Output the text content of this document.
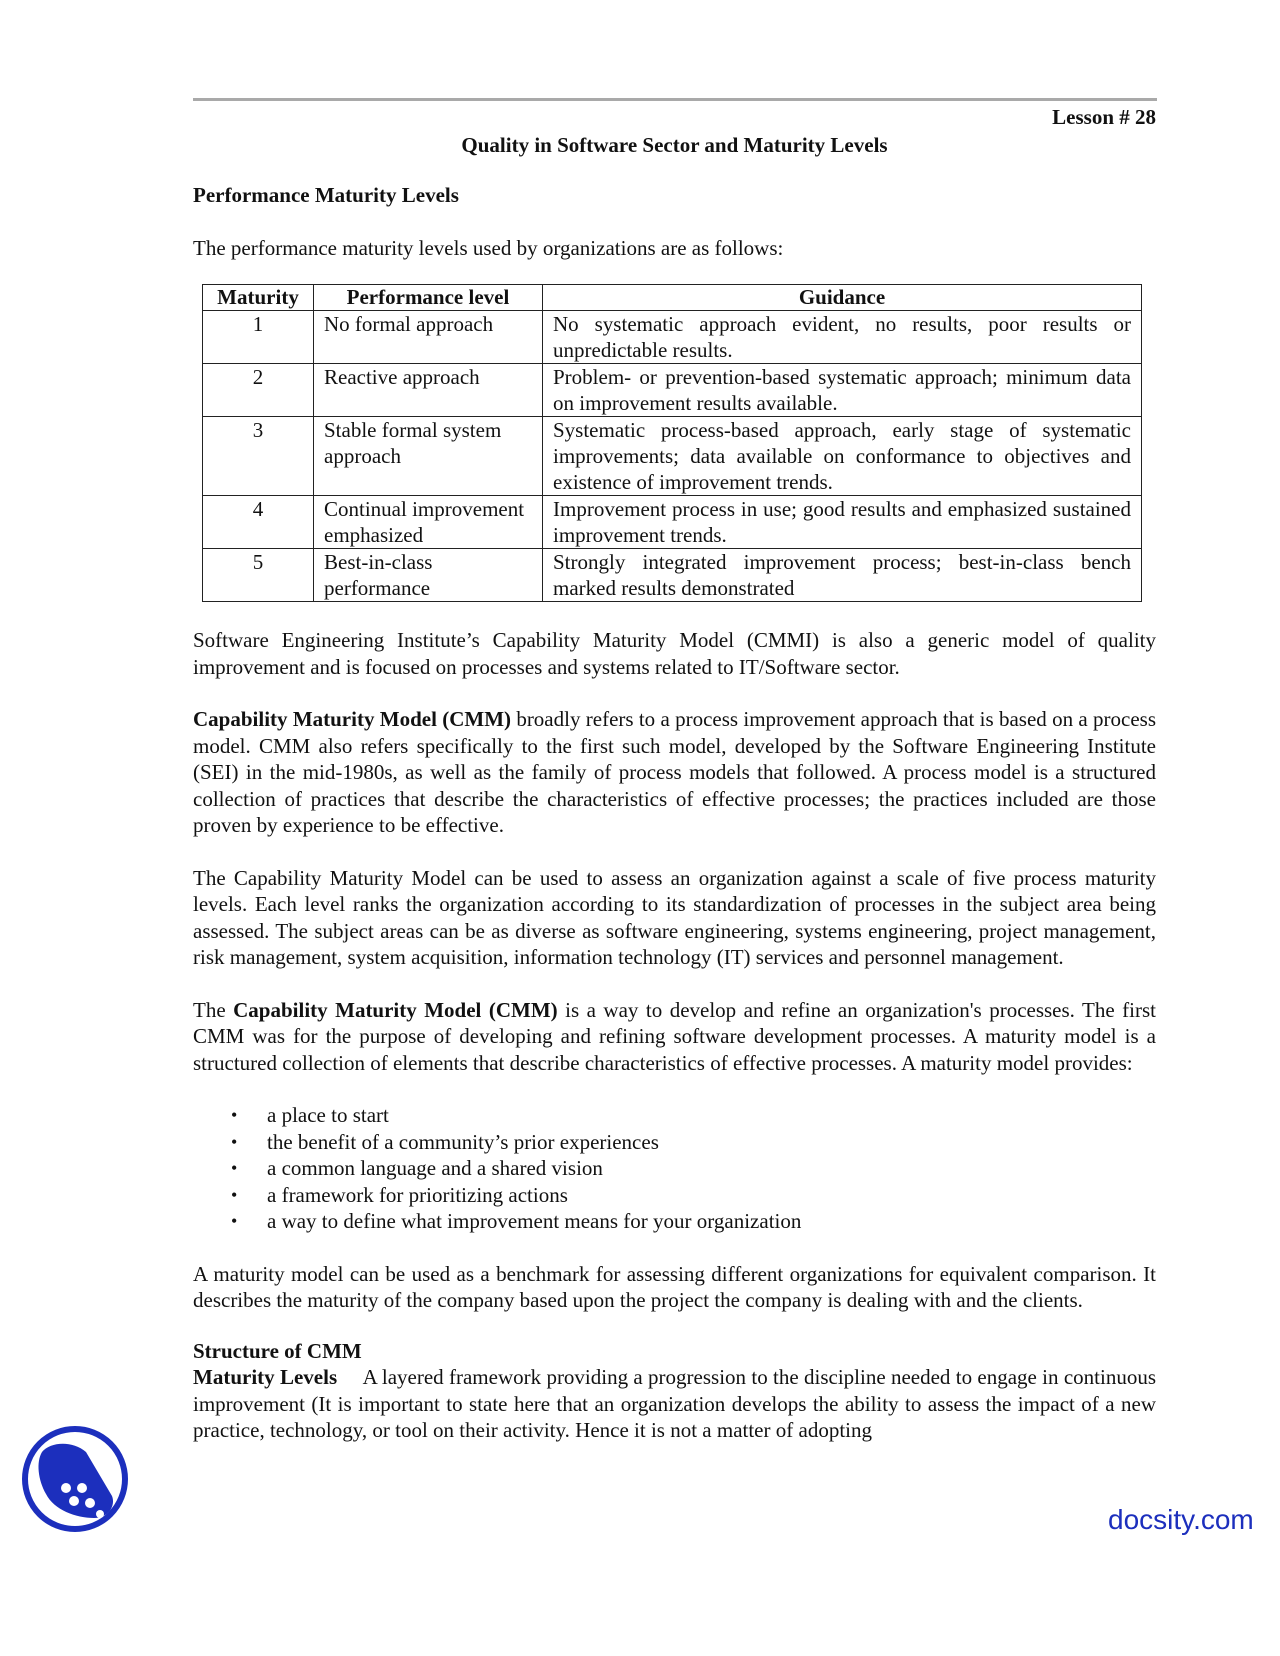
Lesson # 28
Quality in Software Sector and Maturity Levels
Performance Maturity Levels

The performance maturity levels used by organizations are as follows:

Maturity	Performance level	Guidance
1	No formal approach	No systematic approach evident, no results, poor results or unpredictable results.
2	Reactive approach	Problem- or prevention-based systematic approach; minimum data on improvement results available.
3	Stable formal system approach	Systematic process-based approach, early stage of systematic improvements; data available on conformance to objectives and existence of improvement trends.
4	Continual improvement emphasized	Improvement process in use; good results and emphasized sustained improvement trends.
5	Best-in-class performance	Strongly integrated improvement process; best-in-class bench marked results demonstrated

Software Engineering Institute’s Capability Maturity Model (CMMI) is also a generic model of quality improvement and is focused on processes and systems related to IT/Software sector.

Capability Maturity Model (CMM) broadly refers to a process improvement approach that is based on a process model. CMM also refers specifically to the first such model, developed by the Software Engineering Institute (SEI) in the mid-1980s, as well as the family of process models that followed. A process model is a structured collection of practices that describe the characteristics of effective processes; the practices included are those proven by experience to be effective.

The Capability Maturity Model can be used to assess an organization against a scale of five process maturity levels. Each level ranks the organization according to its standardization of processes in the subject area being assessed. The subject areas can be as diverse as software engineering, systems engineering, project management, risk management, system acquisition, information technology (IT) services and personnel management.

The Capability Maturity Model (CMM) is a way to develop and refine an organization's processes. The first CMM was for the purpose of developing and refining software development processes. A maturity model is a structured collection of elements that describe characteristics of effective processes. A maturity model provides:

• a place to start
• the benefit of a community’s prior experiences
• a common language and a shared vision
• a framework for prioritizing actions
• a way to define what improvement means for your organization

A maturity model can be used as a benchmark for assessing different organizations for equivalent comparison. It describes the maturity of the company based upon the project the company is dealing with and the clients.

Structure of CMM

Maturity Levels A layered framework providing a progression to the discipline needed to engage in continuous improvement (It is important to state here that an organization develops the ability to assess the impact of a new practice, technology, or tool on their activity. Hence it is not a matter of adopting

docsity.com
